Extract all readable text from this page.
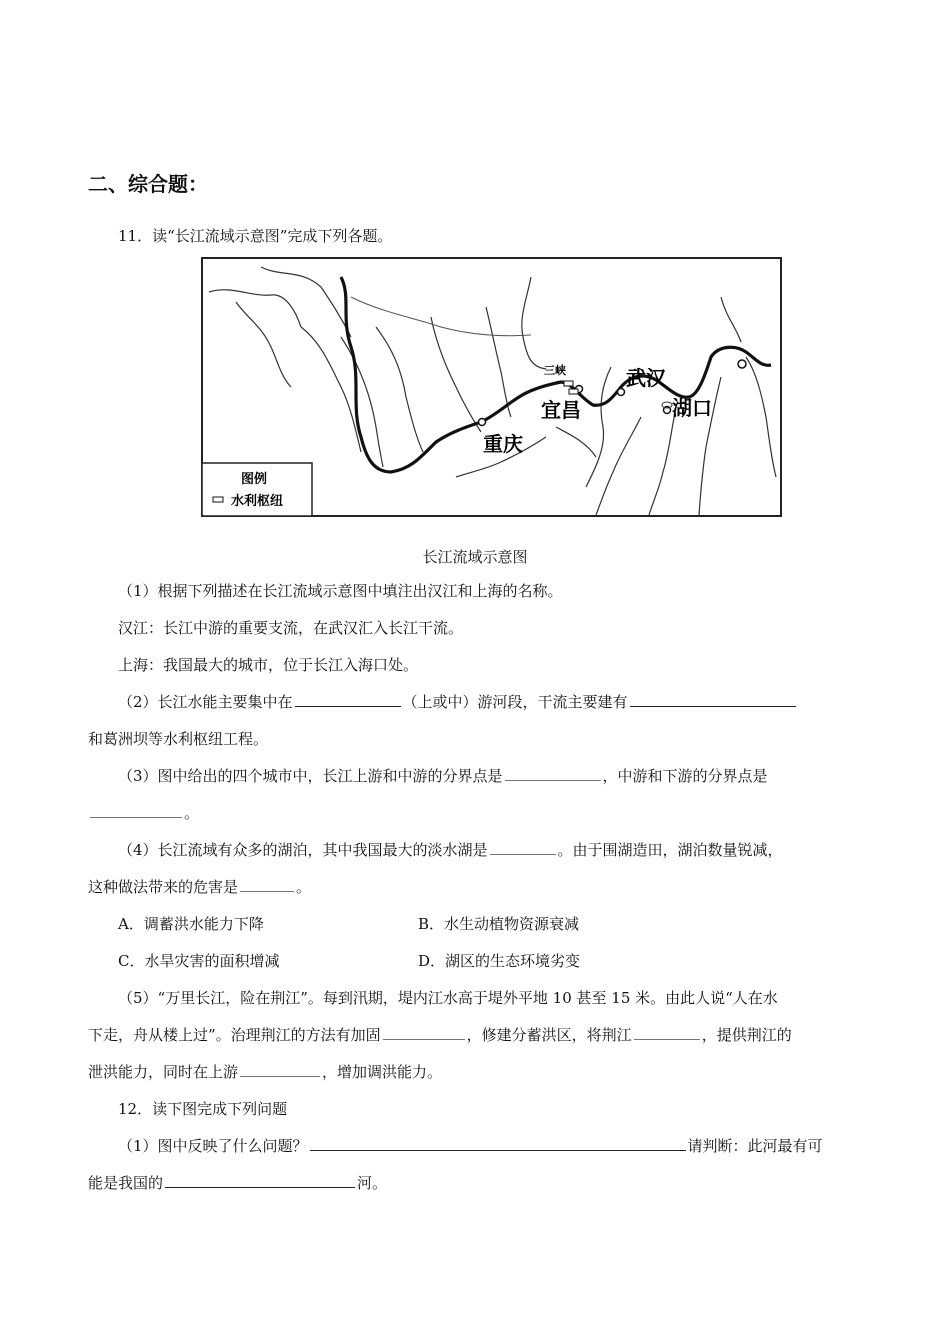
二、综合题：
11．读“长江流域示意图”完成下列各题。
重庆
宜昌
武汉
湖口
三峡
图例
水利枢纽
长江流域示意图
（1）根据下列描述在长江流域示意图中填注出汉江和上海的名称。
汉江：长江中游的重要支流，在武汉汇入长江干流。
上海：我国最大的城市，位于长江入海口处。
（2）长江水能主要集中在	（上或中）游河段，干流主要建有
和葛洲坝等水利枢纽工程。
（3）图中给出的四个城市中，长江上游和中游的分界点是	，中游和下游的分界点是
。
（4）长江流域有众多的湖泊，其中我国最大的淡水湖是	。由于围湖造田，湖泊数量锐减，
这种做法带来的危害是	。
A．调蓄洪水能力下降	B．水生动植物资源衰减
C．水旱灾害的面积增减	D．湖区的生态环境劣变
（5）“万里长江，险在荆江”。每到汛期，堤内江水高于堤外平地 10 甚至 15 米。由此人说“人在水
下走，舟从楼上过”。治理荆江的方法有加固	，修建分蓄洪区，将荆江	，提供荆江的
泄洪能力，同时在上游	，增加调洪能力。
12．读下图完成下列问题
（1）图中反映了什么问题？	请判断：此河最有可
能是我国的	河。
